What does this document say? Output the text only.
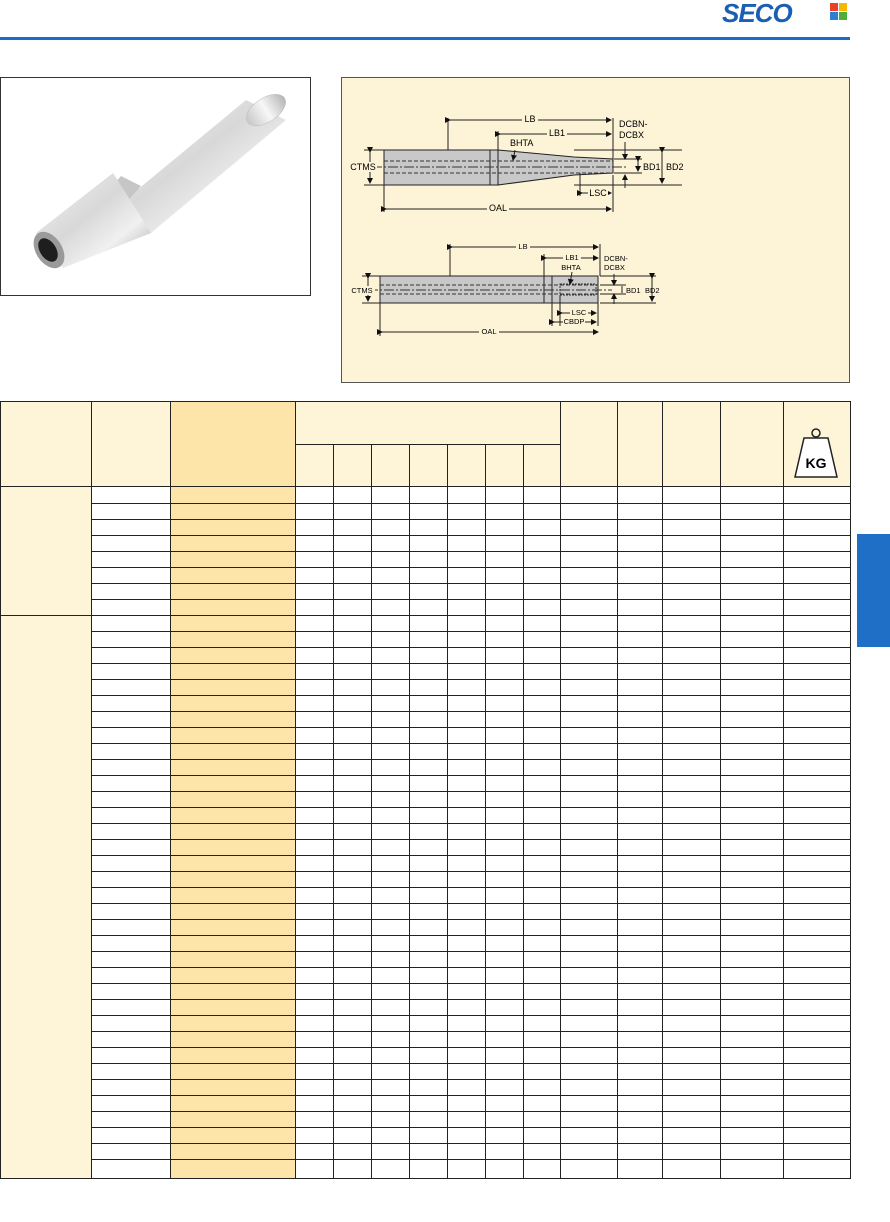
SECO
LB
LB1
BHTA
DCBN-
DCBX
BD1 BD2
CTMS
LSC
OAL
LB
LB1
BHTA
DCBN-
DCBX
BD1 BD2
CTMS
LSC
CBDP
OAL

KG
